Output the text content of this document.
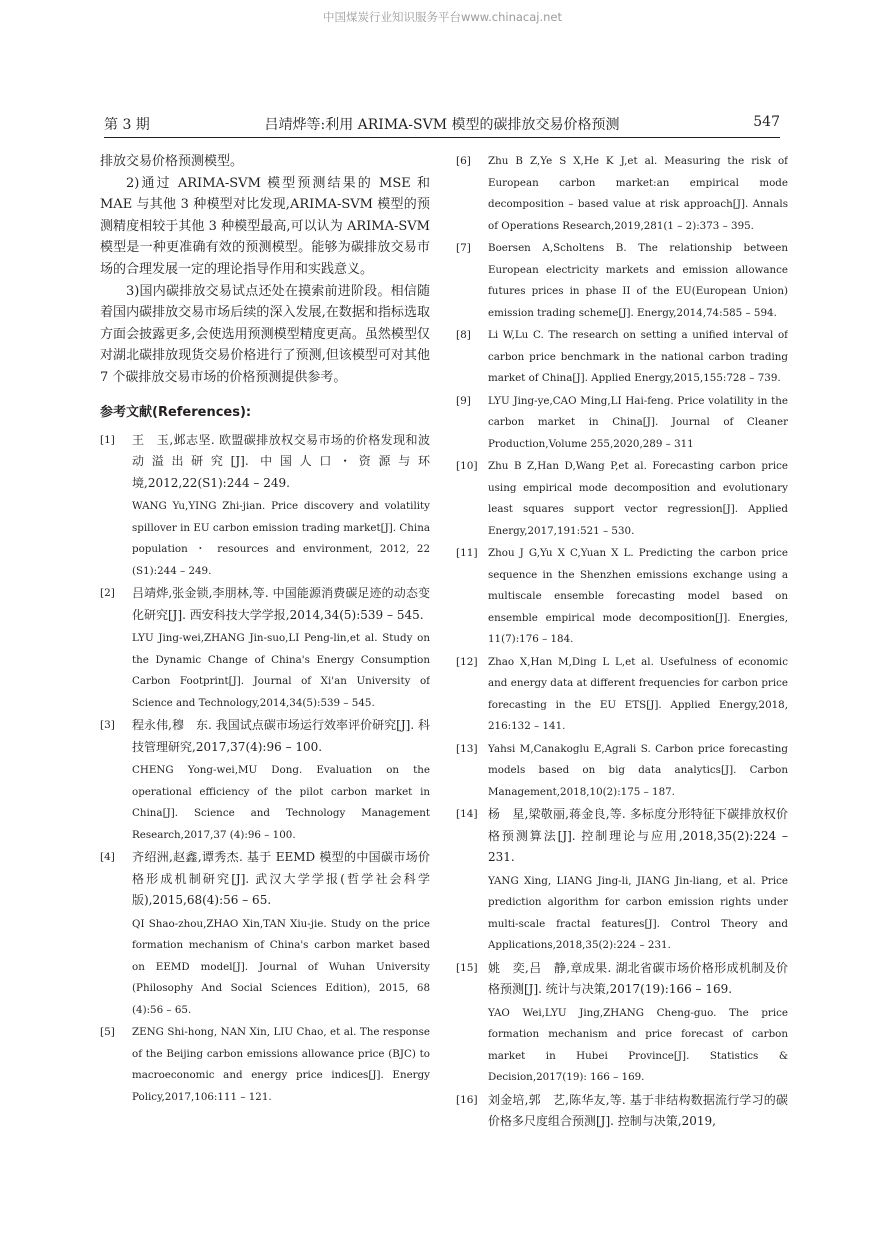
中国煤炭行业知识服务平台www.chinacaj.net
第 3 期	吕靖烨等:利用 ARIMA-SVM 模型的碳排放交易价格预测	547

排放交易价格预测模型。

2)通过 ARIMA-SVM 模型预测结果的 MSE 和 MAE 与其他 3 种模型对比发现,ARIMA-SVM 模型的预测精度相较于其他 3 种模型最高,可以认为 ARIMA-SVM 模型是一种更准确有效的预测模型。能够为碳排放交易市场的合理发展一定的理论指导作用和实践意义。

3)国内碳排放交易试点还处在摸索前进阶段。相信随着国内碳排放交易市场后续的深入发展,在数据和指标选取方面会披露更多,会使选用预测模型精度更高。虽然模型仅对湖北碳排放现货交易价格进行了预测,但该模型可对其他 7 个碳排放交易市场的价格预测提供参考。

参考文献(References):
[1] 王　玉,邺志坚. 欧盟碳排放权交易市场的价格发现和波动溢出研究[J]. 中国人口・资源与环境,2012,22(S1):244 – 249.

WANG Yu,YING Zhi-jian. Price discovery and volatility spillover in EU carbon emission trading market[J]. China population ・ resources and environment, 2012, 22 (S1):244 – 249.

[2] 吕靖烨,张金锁,李朋林,等. 中国能源消费碳足迹的动态变化研究[J]. 西安科技大学学报,2014,34(5):539 – 545.

LYU Jing-wei,ZHANG Jin-suo,LI Peng-lin,et al. Study on the Dynamic Change of China's Energy Consumption Carbon Footprint[J]. Journal of Xi'an University of Science and Technology,2014,34(5):539 – 545.

[3] 程永伟,穆　东. 我国试点碳市场运行效率评价研究[J]. 科技管理研究,2017,37(4):96 – 100.

CHENG Yong-wei,MU Dong. Evaluation on the operational efficiency of the pilot carbon market in China[J]. Science and Technology Management Research,2017,37 (4):96 – 100.

[4] 齐绍洲,赵鑫,谭秀杰. 基于 EEMD 模型的中国碳市场价格形成机制研究[J]. 武汉大学学报(哲学社会科学版),2015,68(4):56 – 65.

QI Shao-zhou,ZHAO Xin,TAN Xiu-jie. Study on the price formation mechanism of China's carbon market based on EEMD model[J]. Journal of Wuhan University (Philosophy And Social Sciences Edition), 2015, 68 (4):56 – 65.

[5] ZENG Shi-hong, NAN Xin, LIU Chao, et al. The response of the Beijing carbon emissions allowance price (BJC) to macroeconomic and energy price indices[J]. Energy Policy,2017,106:111 – 121.

[6] Zhu B Z,Ye S X,He K J,et al. Measuring the risk of European carbon market:an empirical mode decomposition – based value at risk approach[J]. Annals of Operations Research,2019,281(1 – 2):373 – 395.

[7] Boersen A,Scholtens B. The relationship between European electricity markets and emission allowance futures prices in phase II of the EU(European Union) emission trading scheme[J]. Energy,2014,74:585 – 594.

[8] Li W,Lu C. The research on setting a unified interval of carbon price benchmark in the national carbon trading market of China[J]. Applied Energy,2015,155:728 – 739.

[9] LYU Jing-ye,CAO Ming,LI Hai-feng. Price volatility in the carbon market in China[J]. Journal of Cleaner Production,Volume 255,2020,289 – 311

[10] Zhu B Z,Han D,Wang P,et al. Forecasting carbon price using empirical mode decomposition and evolutionary least squares support vector regression[J]. Applied Energy,2017,191:521 – 530.

[11] Zhou J G,Yu X C,Yuan X L. Predicting the carbon price sequence in the Shenzhen emissions exchange using a multiscale ensemble forecasting model based on ensemble empirical mode decomposition[J]. Energies, 11(7):176 – 184.

[12] Zhao X,Han M,Ding L L,et al. Usefulness of economic and energy data at different frequencies for carbon price forecasting in the EU ETS[J]. Applied Energy,2018, 216:132 – 141.

[13] Yahsi M,Canakoglu E,Agrali S. Carbon price forecasting models based on big data analytics[J]. Carbon Management,2018,10(2):175 – 187.

[14] 杨　星,梁敬丽,蒋金良,等. 多标度分形特征下碳排放权价格预测算法[J]. 控制理论与应用,2018,35(2):224 – 231.

YANG Xing, LIANG Jing-li, JIANG Jin-liang, et al. Price prediction algorithm for carbon emission rights under multi-scale fractal features[J]. Control Theory and Applications,2018,35(2):224 – 231.

[15] 姚　奕,吕　静,章成果. 湖北省碳市场价格形成机制及价格预测[J]. 统计与决策,2017(19):166 – 169.

YAO Wei,LYU Jing,ZHANG Cheng-guo. The price formation mechanism and price forecast of carbon market in Hubei Province[J]. Statistics & Decision,2017(19): 166 – 169.

[16] 刘金培,郭　艺,陈华友,等. 基于非结构数据流行学习的碳价格多尺度组合预测[J]. 控制与决策,2019,
